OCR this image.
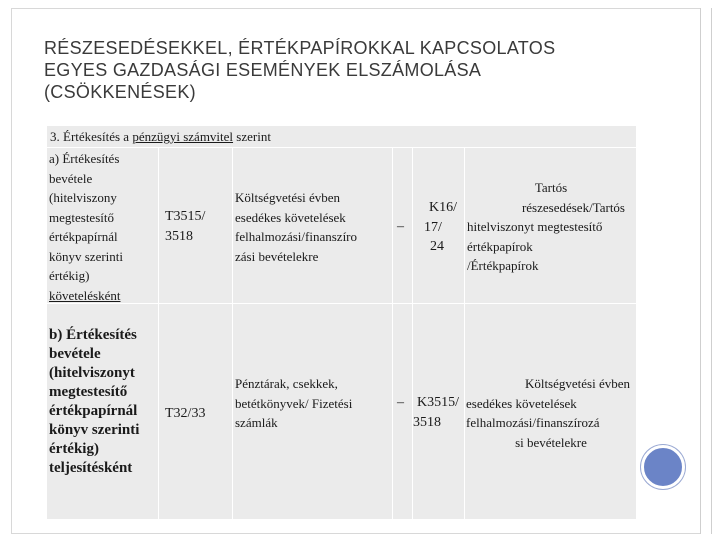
RÉSZESEDÉSEKKEL, ÉRTÉKPAPÍROKKAL KAPCSOLATOS
EGYES GAZDASÁGI ESEMÉNYEK ELSZÁMOLÁSA
(CSÖKKENÉSEK)
3. Értékesítés a pénzügyi számvitel szerint
a) Értékesítés
bevétele
(hitelviszony
megtestesítő
értékpapírnál
könyv szerinti
értékig)
követelésként
T3515/
3518
Költségvetési évben
esedékes követelések
felhalmozási/finanszíro
zási bevételekre
–
K16/
17/
24
Tartós
részesedések/Tartós
hitelviszonyt megtestesítő
értékpapírok
/Értékpapírok
b) Értékesítés
bevétele
(hitelviszonyt
megtestesítő
értékpapírnál
könyv szerinti
értékig)
teljesítésként
T32/33
Pénztárak, csekkek,
betétkönyvek/ Fizetési
számlák
– K3515/
3518
Költségvetési évben
esedékes követelések
felhalmozási/finanszírozá
si bevételekre
